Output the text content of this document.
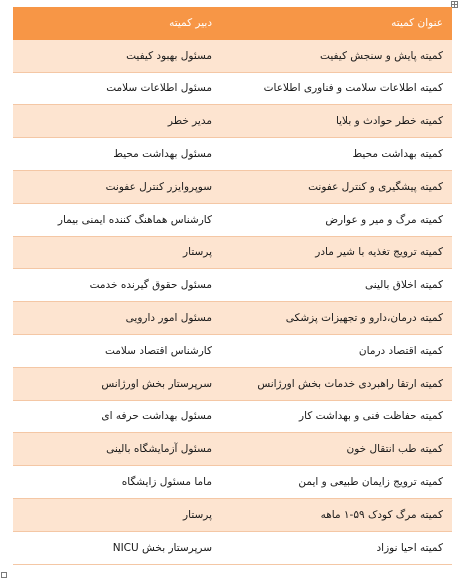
عنوان کمیته	دبیر کمیته
کمیته پایش و سنجش کیفیت	مسئول بهبود کیفیت
کمیته اطلاعات سلامت و فناوری اطلاعات	مسئول اطلاعات سلامت
کمیته خطر حوادث و بلایا	مدیر خطر
کمیته بهداشت محیط	مسئول بهداشت محیط
کمیته پیشگیری و کنترل عفونت	سوپروایزر کنترل عفونت
کمیته مرگ و میر و عوارض	کارشناس هماهنگ کننده ایمنی بیمار
کمیته ترویج تغذیه با شیر مادر	پرستار
کمیته اخلاق بالینی	مسئول حقوق گیرنده خدمت
کمیته درمان،دارو و تجهیزات پزشکی	مسئول امور دارویی
کمیته اقتصاد درمان	کارشناس اقتصاد سلامت
کمیته ارتقا راهبردی خدمات بخش اورژانس	سرپرستار بخش اورژانس
کمیته حفاظت فنی و بهداشت کار	مسئول بهداشت حرفه ای
کمیته طب انتقال خون	مسئول آزمایشگاه بالینی
کمیته ترویج زایمان طبیعی و ایمن	ماما مسئول زایشگاه
کمیته مرگ کودک ۵۹-۱ ماهه	پرستار
کمیته احیا نوزاد	سرپرستار بخش NICU
